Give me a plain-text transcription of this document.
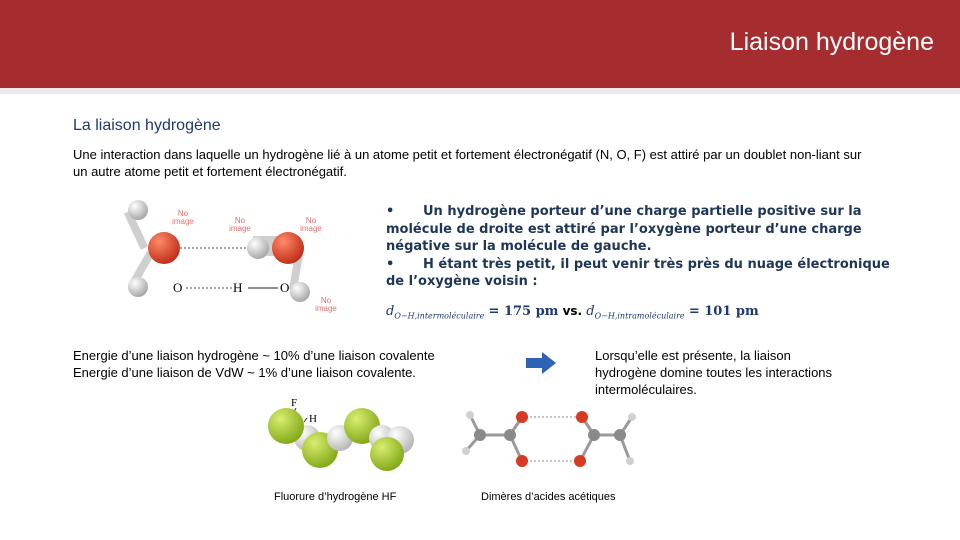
Liaison hydrogène
La liaison hydrogène
Une interaction dans laquelle un hydrogène lié à un atome petit et fortement électronégatif (N, O, F) est attiré par un doublet non-liant sur un autre atome petit et fortement électronégatif.
O	H	O
No image	No image
No image
No image
•	Un hydrogène porteur d’une charge partielle positive sur la molécule de droite est attiré par l’oxygène porteur d’une charge négative sur la molécule de gauche.
•	H étant très petit, il peut venir très près du nuage électronique de l’oxygène voisin :
$d_{O-H,intermoléculaire} = 175$ pm vs. $d_{O-H,intramoléculaire} = 101$ pm
Energie d’une liaison hydrogène ~ 10% d’une liaison covalente
Energie d’une liaison de VdW ~ 1% d’une liaison covalente.
Lorsqu’elle est présente, la liaison hydrogène domine toutes les interactions intermoléculaires.
F
H
Fluorure d’hydrogène HF	Dimères d’acides acétiques
